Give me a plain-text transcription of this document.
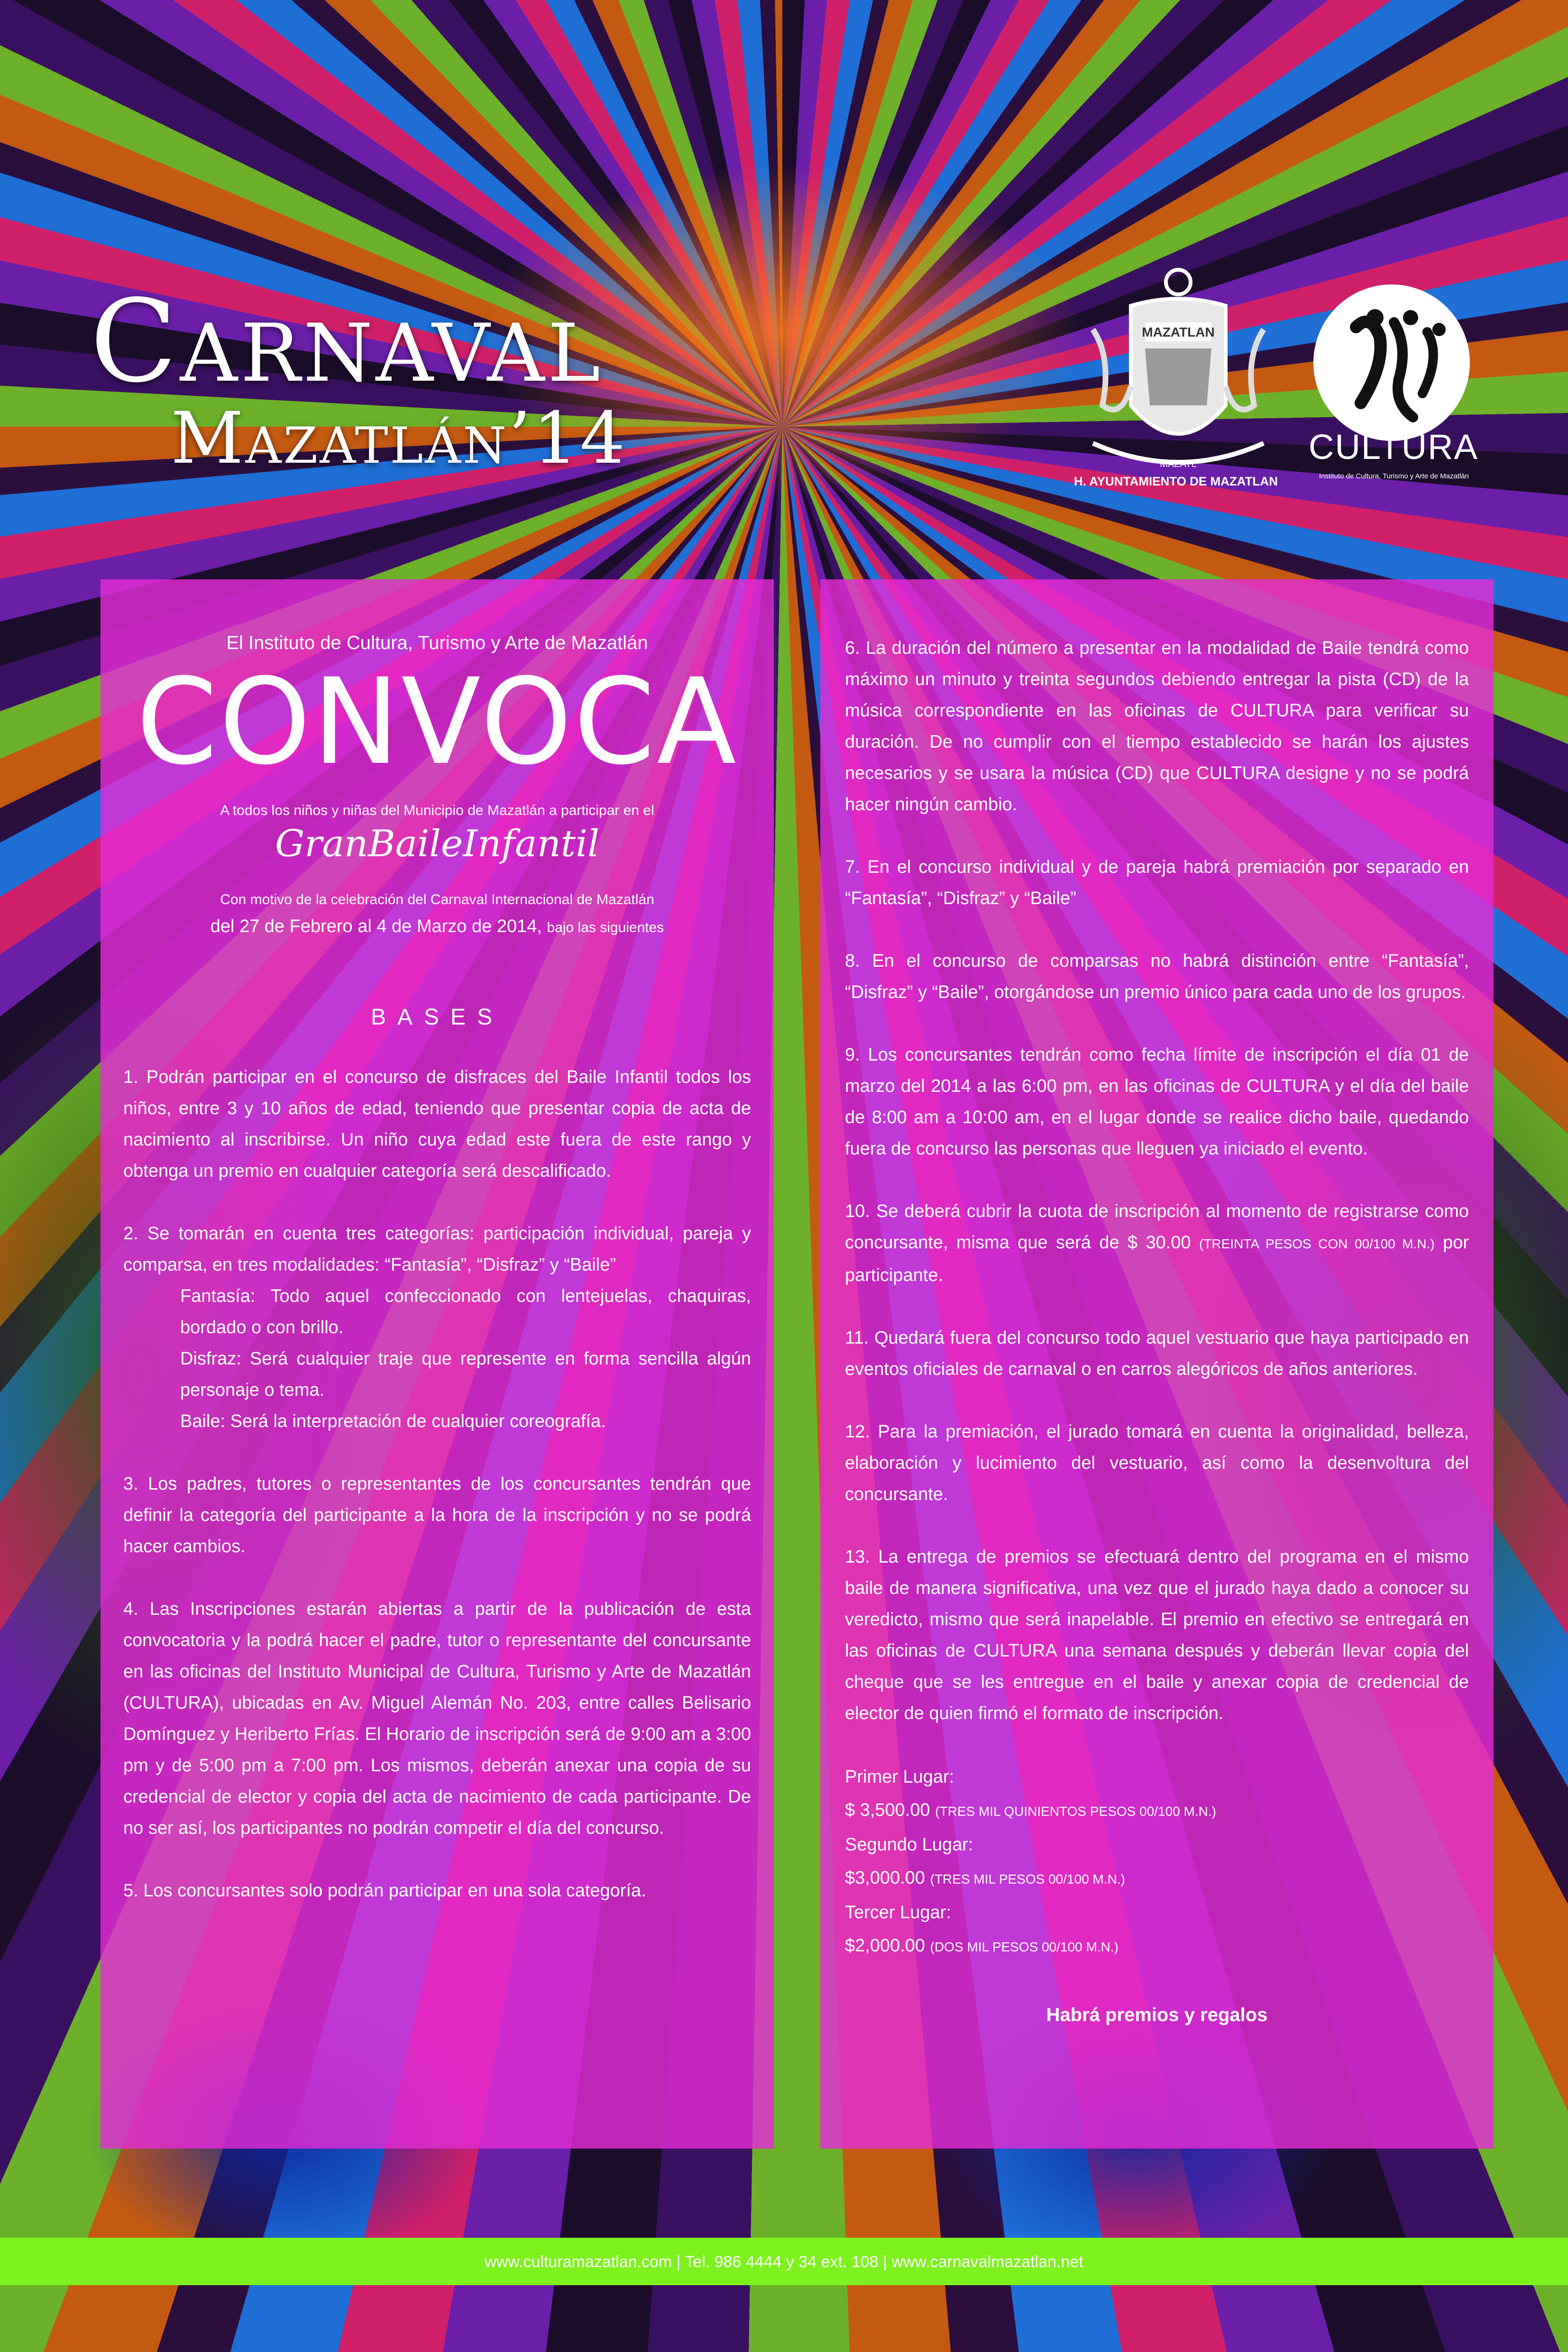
Carnaval
Mazatlán’14
MAZATLAN
MAZATL
H. AYUNTAMIENTO DE MAZATLAN
CULTURA
Instituto de Cultura, Turismo y Arte de Mazatlán
El Instituto de Cultura, Turismo y Arte de Mazatlán
CONVOCA
A todos los niños y niñas del Municipio de Mazatlán a participar en el
GranBaileInfantil
Con motivo de la celebración del Carnaval Internacional de Mazatlán
del 27 de Febrero al 4 de Marzo de 2014, bajo las siguientes
BASES

1. Podrán participar en el concurso de disfraces del Baile Infantil todos los niños, entre 3 y 10 años de edad, teniendo que presentar copia de acta de nacimiento al inscribirse. Un niño cuya edad este fuera de este rango y obtenga un premio en cualquier categoría será descalificado.

2. Se tomarán en cuenta tres categorías: participación individual, pareja y comparsa, en tres modalidades: “Fantasía”, “Disfraz” y “Baile”

Fantasía: Todo aquel confeccionado con lentejuelas, chaquiras, bordado o con brillo.

Disfraz: Será cualquier traje que represente en forma sencilla algún personaje o tema.

Baile: Será la interpretación de cualquier coreografía.

3. Los padres, tutores o representantes de los concursantes tendrán que definir la categoría del participante a la hora de la inscripción y no se podrá hacer cambios.

4. Las Inscripciones estarán abiertas a partir de la publicación de esta convocatoria y la podrá hacer el padre, tutor o representante del concursante en las oficinas del Instituto Municipal de Cultura, Turismo y Arte de Mazatlán (CULTURA), ubicadas en Av. Miguel Alemán No. 203, entre calles Belisario Domínguez y Heriberto Frías. El Horario de inscripción será de 9:00 am a 3:00 pm y de 5:00 pm a 7:00 pm. Los mismos, deberán anexar una copia de su credencial de elector y copia del acta de nacimiento de cada participante. De no ser así, los participantes no podrán competir el día del concurso.

5. Los concursantes solo podrán participar en una sola categoría.

6. La duración del número a presentar en la modalidad de Baile tendrá como máximo un minuto y treinta segundos debiendo entregar la pista (CD) de la música correspondiente en las oficinas de CULTURA para verificar su duración. De no cumplir con el tiempo establecido se harán los ajustes necesarios y se usara la música (CD) que CULTURA designe y no se podrá hacer ningún cambio.

7. En el concurso individual y de pareja habrá premiación por separado en “Fantasía”, “Disfraz” y “Baile”

8. En el concurso de comparsas no habrá distinción entre “Fantasía”, “Disfraz” y “Baile”, otorgándose un premio único para cada uno de los grupos.

9. Los concursantes tendrán como fecha límite de inscripción el día 01 de marzo del 2014 a las 6:00 pm, en las oficinas de CULTURA y el día del baile de 8:00 am a 10:00 am, en el lugar donde se realice dicho baile, quedando fuera de concurso las personas que lleguen ya iniciado el evento.

10. Se deberá cubrir la cuota de inscripción al momento de registrarse como concursante, misma que será de $ 30.00 (TREINTA PESOS CON 00/100 M.N.) por participante.

11. Quedará fuera del concurso todo aquel vestuario que haya participado en eventos oficiales de carnaval o en carros alegóricos de años anteriores.

12. Para la premiación, el jurado tomará en cuenta la originalidad, belleza, elaboración y lucimiento del vestuario, así como la desenvoltura del concursante.

13. La entrega de premios se efectuará dentro del programa en el mismo baile de manera significativa, una vez que el jurado haya dado a conocer su veredicto, mismo que será inapelable. El premio en efectivo se entregará en las oficinas de CULTURA una semana después y deberán llevar copia del cheque que se les entregue en el baile y anexar copia de credencial de elector de quien firmó el formato de inscripción.

Primer Lugar:
$ 3,500.00 (TRES MIL QUINIENTOS PESOS 00/100 M.N.)
Segundo Lugar:
$3,000.00 (TRES MIL PESOS 00/100 M.N.)
Tercer Lugar:
$2,000.00 (DOS MIL PESOS 00/100 M.N.)
Habrá premios y regalos
www.culturamazatlan.com | Tel. 986 4444 y 34 ext. 108 | www.carnavalmazatlan.net
